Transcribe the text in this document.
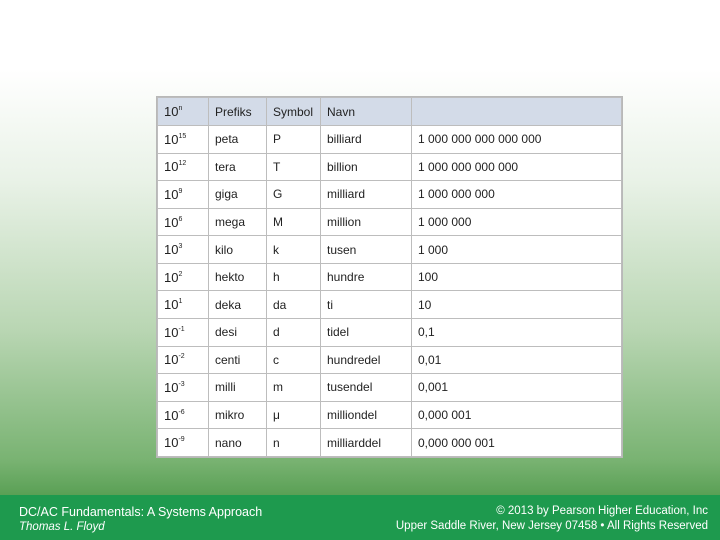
10$^n$	Prefiks	Symbol	Navn	
$10^{15}$	peta	P	billiard	1 000 000 000 000 000
$10^{12}$	tera	T	billion	1 000 000 000 000
$10^9$	giga	G	milliard	1 000 000 000
$10^6$	mega	M	million	1 000 000
$10^3$	kilo	k	tusen	1 000
$10^2$	hekto	h	hundre	100
$10^1$	deka	da	ti	10
$10^{-1}$	desi	d	tidel	0,1
$10^{-2}$	centi	c	hundredel	0,01
$10^{-3}$	milli	m	tusendel	0,001
$10^{-6}$	mikro	μ	milliondel	0,000 001
$10^{-9}$	nano	n	milliarddel	0,000 000 001
DC/AC Fundamentals: A Systems Approach
Thomas L. Floyd
© 2013 by Pearson Higher Education, Inc
Upper Saddle River, New Jersey 07458 • All Rights Reserved
